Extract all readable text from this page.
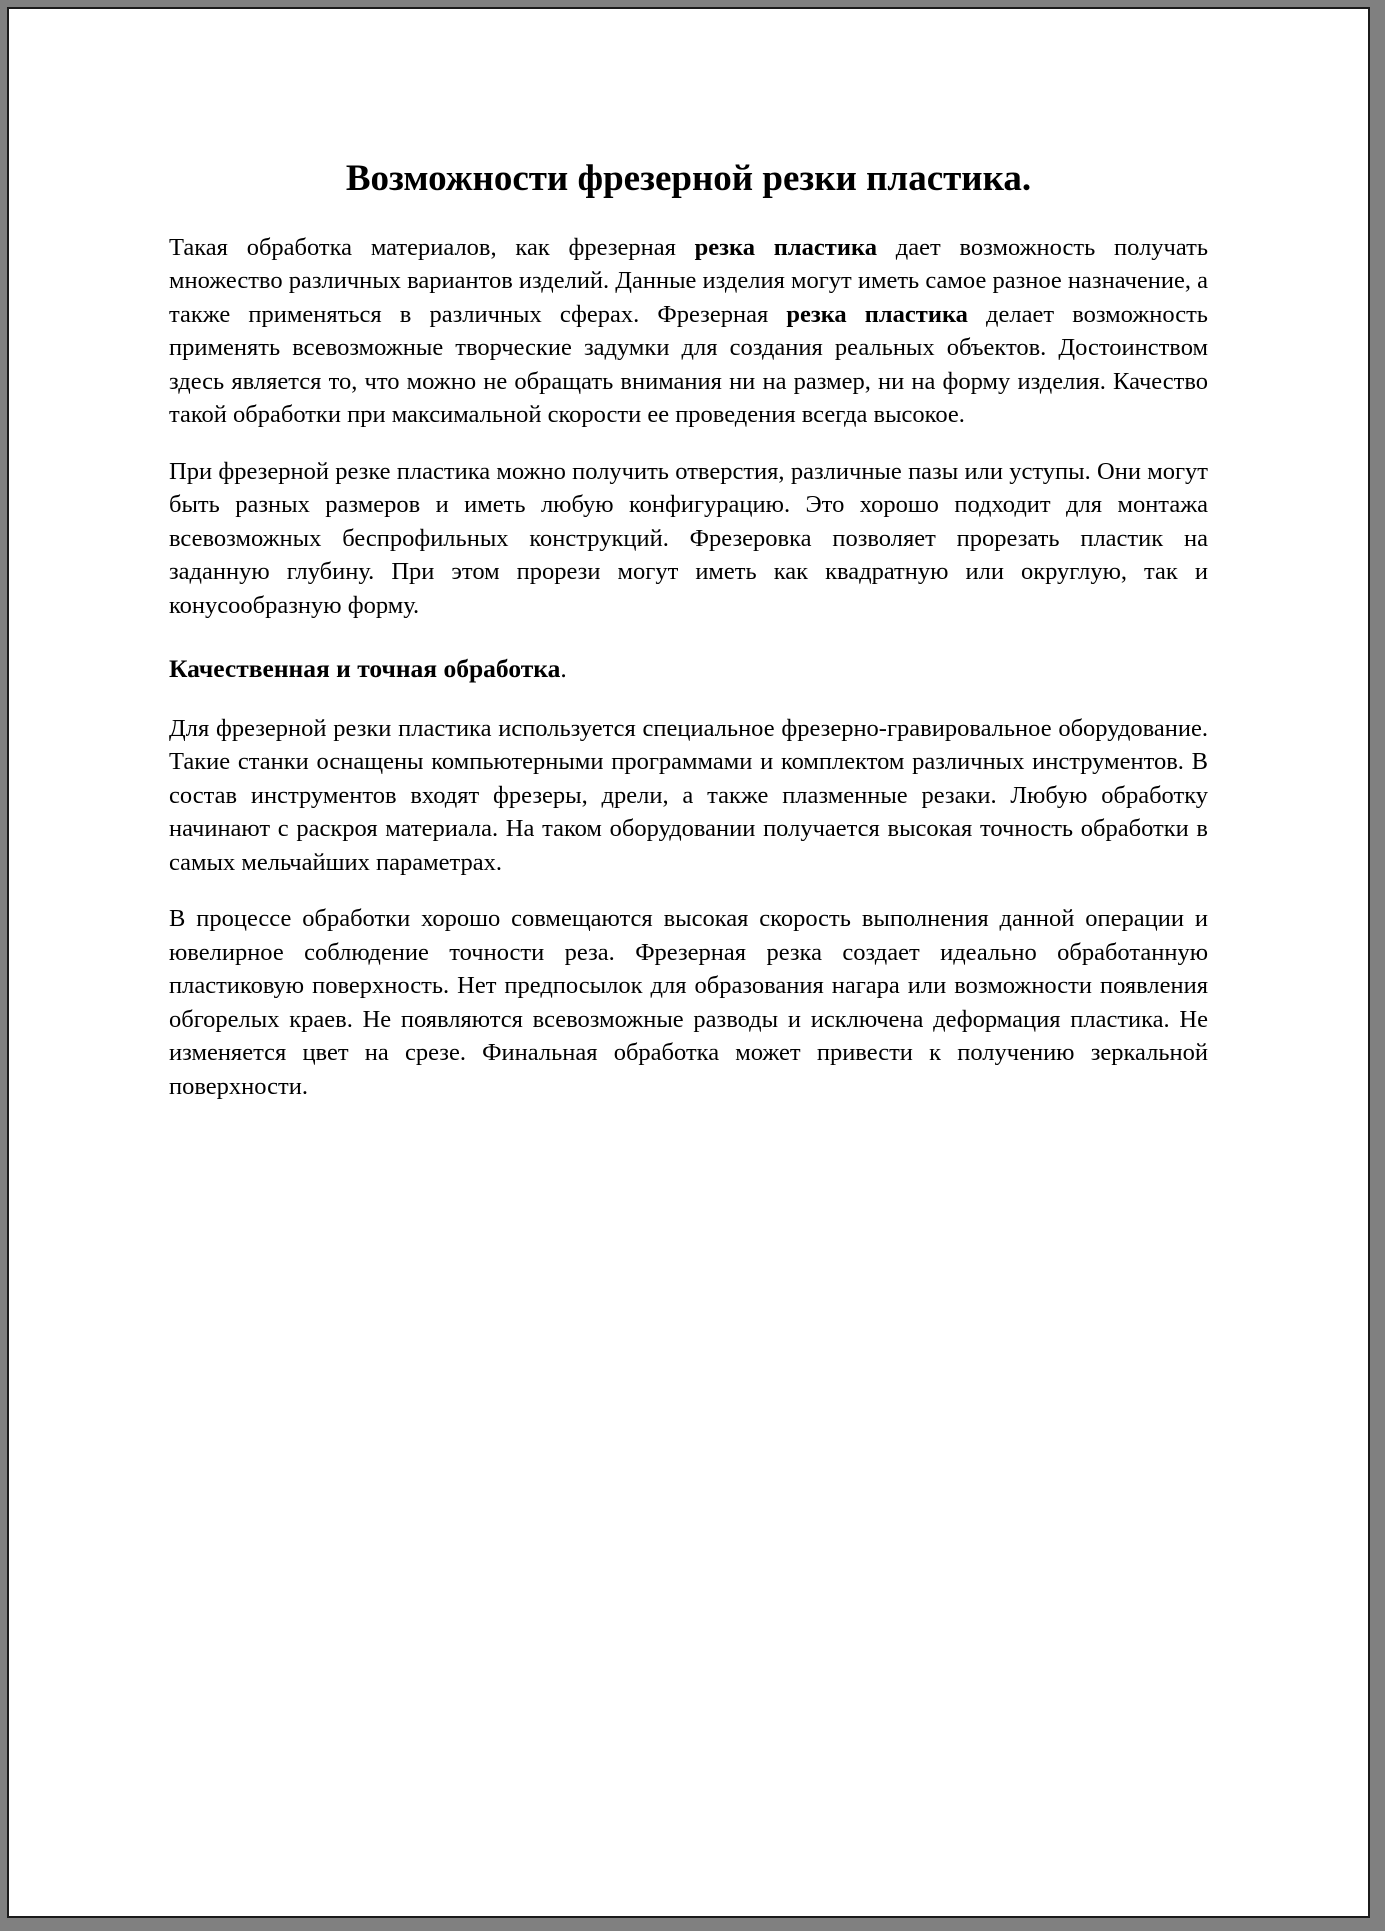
Возможности фрезерной резки пластика.

Такая обработка материалов, как фрезерная резка пластика дает возможность получать множество различных вариантов изделий. Данные изделия могут иметь самое разное назначение, а также применяться в различных сферах. Фрезерная резка пластика делает возможность применять всевозможные творческие задумки для создания реальных объектов. Достоинством здесь является то, что можно не обращать внимания ни на размер, ни на форму изделия. Качество такой обработки при максимальной скорости ее проведения всегда высокое.

При фрезерной резке пластика можно получить отверстия, различные пазы или уступы. Они могут быть разных размеров и иметь любую конфигурацию. Это хорошо подходит для монтажа всевозможных беспрофильных конструкций. Фрезеровка позволяет прорезать пластик на заданную глубину. При этом прорези могут иметь как квадратную или округлую, так и конусообразную форму.

Качественная и точная обработка.

Для фрезерной резки пластика используется специальное фрезерно-гравировальное оборудование. Такие станки оснащены компьютерными программами и комплектом различных инструментов. В состав инструментов входят фрезеры, дрели, а также плазменные резаки. Любую обработку начинают с раскроя материала. На таком оборудовании получается высокая точность обработки в самых мельчайших параметрах.

В процессе обработки хорошо совмещаются высокая скорость выполнения данной операции и ювелирное соблюдение точности реза. Фрезерная резка создает идеально обработанную пластиковую поверхность. Нет предпосылок для образования нагара или возможности появления обгорелых краев. Не появляются всевозможные разводы и исключена деформация пластика. Не изменяется цвет на срезе. Финальная обработка может привести к получению зеркальной поверхности.
